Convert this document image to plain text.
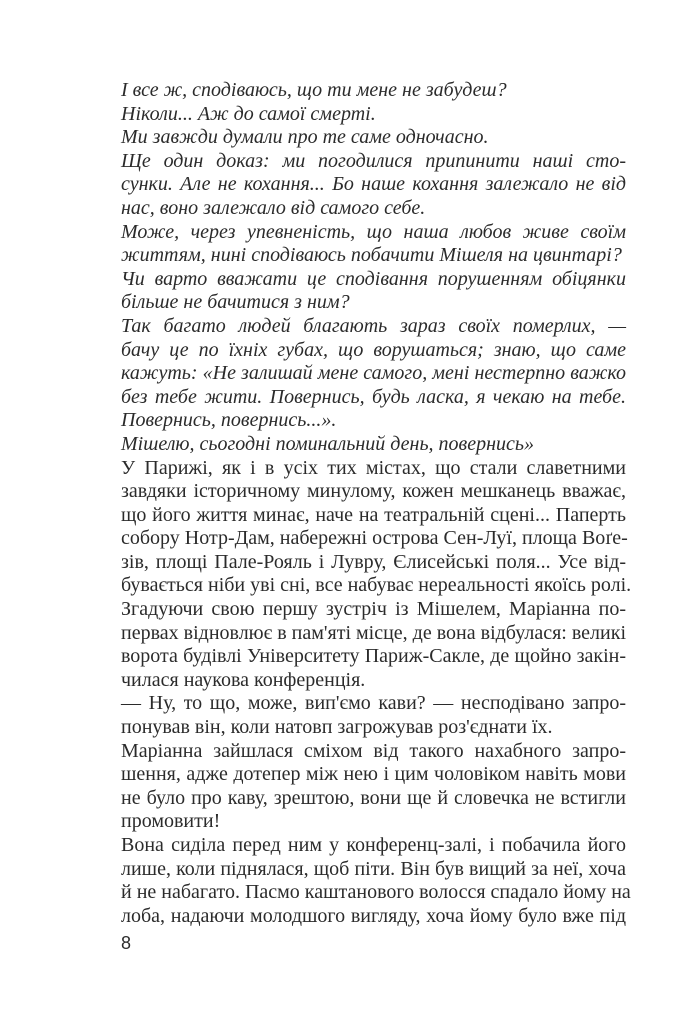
І все ж, сподіваюсь, що ти мене не забудеш?
Ніколи... Аж до самої смерті.
Ми завжди думали про те саме одночасно.
Ще один доказ: ми погодилися припинити наші сто-
сунки. Але не кохання... Бо наше кохання залежало не від
нас, воно залежало від самого себе.
Може, через упевненість, що наша любов живе своїм
життям, нині сподіваюсь побачити Мішеля на цвинтарі?
Чи варто вважати це сподівання порушенням обіцянки
більше не бачитися з ним?
Так багато людей благають зараз своїх померлих, —
бачу це по їхніх губах, що ворушаться; знаю, що саме
кажуть: «Не залишай мене самого, мені нестерпно важко
без тебе жити. Повернись, будь ласка, я чекаю на тебе.
Повернись, повернись...».
Мішелю, сьогодні поминальний день, повернись»
У Парижі, як і в усіх тих містах, що стали славетними
завдяки історичному минулому, кожен мешканець вважає,
що його життя минає, наче на театральній сцені... Паперть
собору Нотр-Дам, набережні острова Сен-Луї, площа Воґе-
зів, площі Пале-Рояль і Лувру, Єлисейські поля... Усе від-
бувається ніби уві сні, все набуває нереальності якоїсь ролі.
Згадуючи свою першу зустріч із Мішелем, Маріанна по-
первах відновлює в пам'яті місце, де вона відбулася: великі
ворота будівлі Університету Париж-Сакле, де щойно закін-
чилася наукова конференція.
— Ну, то що, може, вип'ємо кави? — несподівано запро-
понував він, коли натовп загрожував роз'єднати їх.
Маріанна зайшлася сміхом від такого нахабного запро-
шення, адже дотепер між нею і цим чоловіком навіть мови
не було про каву, зрештою, вони ще й словечка не встигли
промовити!
Вона сиділа перед ним у конференц-залі, і побачила його
лише, коли піднялася, щоб піти. Він був вищий за неї, хоча
й не набагато. Пасмо каштанового волосся спадало йому на
лоба, надаючи молодшого вигляду, хоча йому було вже під
8
